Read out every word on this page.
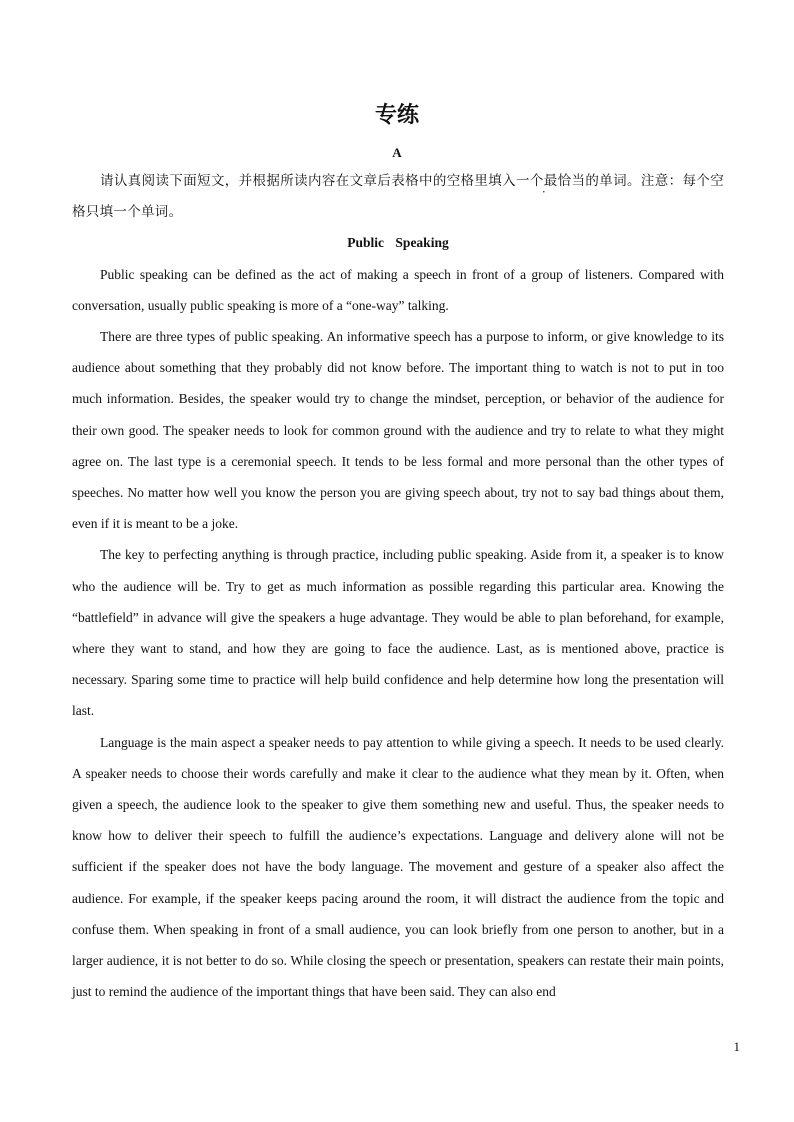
专练
A

请认真阅读下面短文，并根据所读内容在文章后表格中的空格里填入一个最恰当的单词。注意：每个空格只填一个单词。

Public Speaking

Public speaking can be defined as the act of making a speech in front of a group of listeners. Compared with conversation, usually public speaking is more of a “one-way” talking.

There are three types of public speaking. An informative speech has a purpose to inform, or give knowledge to its audience about something that they probably did not know before. The important thing to watch is not to put in too much information. Besides, the speaker would try to change the mindset, perception, or behavior of the audience for their own good. The speaker needs to look for common ground with the audience and try to relate to what they might agree on. The last type is a ceremonial speech. It tends to be less formal and more personal than the other types of speeches. No matter how well you know the person you are giving speech about, try not to say bad things about them, even if it is meant to be a joke.

The key to perfecting anything is through practice, including public speaking. Aside from it, a speaker is to know who the audience will be. Try to get as much information as possible regarding this particular area. Knowing the “battlefield” in advance will give the speakers a huge advantage. They would be able to plan beforehand, for example, where they want to stand, and how they are going to face the audience. Last, as is mentioned above, practice is necessary. Sparing some time to practice will help build confidence and help determine how long the presentation will last.

Language is the main aspect a speaker needs to pay attention to while giving a speech. It needs to be used clearly. A speaker needs to choose their words carefully and make it clear to the audience what they mean by it. Often, when given a speech, the audience look to the speaker to give them something new and useful. Thus, the speaker needs to know how to deliver their speech to fulfill the audience’s expectations. Language and delivery alone will not be sufficient if the speaker does not have the body language. The movement and gesture of a speaker also affect the audience. For example, if the speaker keeps pacing around the room, it will distract the audience from the topic and confuse them. When speaking in front of a small audience, you can look briefly from one person to another, but in a larger audience, it is not better to do so. While closing the speech or presentation, speakers can restate their main points, just to remind the audience of the important things that have been said. They can also end

1
